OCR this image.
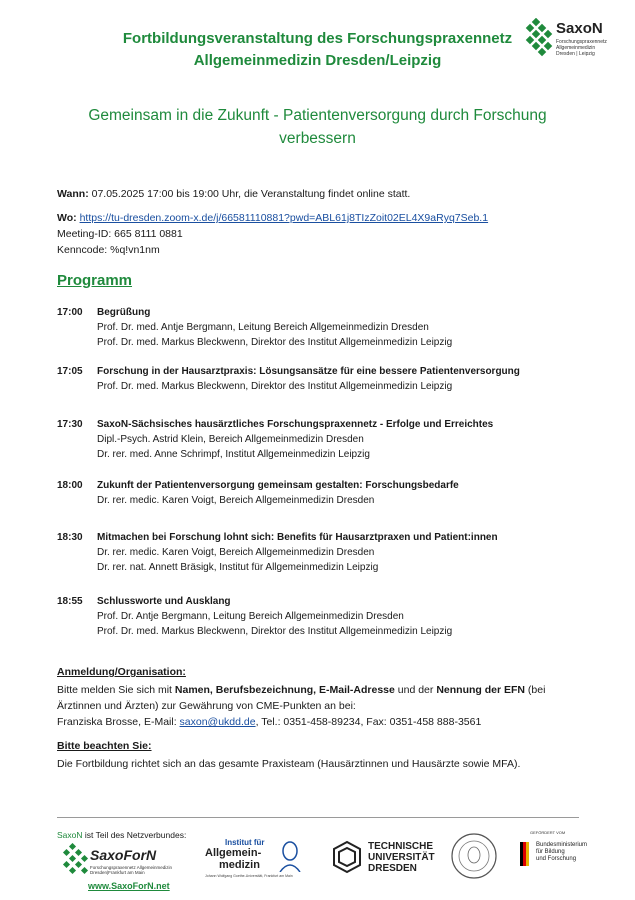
Fortbildungsveranstaltung des Forschungspraxennetz
Allgemeinmedizin Dresden/Leipzig
SaxoN
Forschungspraxennetz
Allgemeinmedizin
Dresden | Leipzig
Gemeinsam in die Zukunft - Patientenversorgung durch Forschung
verbessern
Wann: 07.05.2025 17:00 bis 19:00 Uhr, die Veranstaltung findet online statt.
Wo: https://tu-dresden.zoom-x.de/j/66581110881?pwd=ABL61j8TIzZoit02EL4X9aRyq7Seb.1
Meeting-ID: 665 8111 0881
Kenncode: %q!vn1nm
Programm
17:00 Begrüßung
Prof. Dr. med. Antje Bergmann, Leitung Bereich Allgemeinmedizin Dresden
Prof. Dr. med. Markus Bleckwenn, Direktor des Institut Allgemeinmedizin Leipzig
17:05 Forschung in der Hausarztpraxis: Lösungsansätze für eine bessere Patientenversorgung
Prof. Dr. med. Markus Bleckwenn, Direktor des Institut Allgemeinmedizin Leipzig
17:30 SaxoN-Sächsisches hausärztliches Forschungspraxennetz - Erfolge und Erreichtes
Dipl.-Psych. Astrid Klein, Bereich Allgemeinmedizin Dresden
Dr. rer. med. Anne Schrimpf, Institut Allgemeinmedizin Leipzig
18:00 Zukunft der Patientenversorgung gemeinsam gestalten: Forschungsbedarfe
Dr. rer. medic. Karen Voigt, Bereich Allgemeinmedizin Dresden
18:30 Mitmachen bei Forschung lohnt sich: Benefits für Hausarztpraxen und Patient:innen
Dr. rer. medic. Karen Voigt, Bereich Allgemeinmedizin Dresden
Dr. rer. nat. Annett Bräsigk, Institut für Allgemeinmedizin Leipzig
18:55 Schlussworte und Ausklang
Prof. Dr. Antje Bergmann, Leitung Bereich Allgemeinmedizin Dresden
Prof. Dr. med. Markus Bleckwenn, Direktor des Institut Allgemeinmedizin Leipzig
Anmeldung/Organisation:
Bitte melden Sie sich mit Namen, Berufsbezeichnung, E-Mail-Adresse und der Nennung der EFN (bei
Ärztinnen und Ärzten) zur Gewährung von CME-Punkten an bei:
Franziska Brosse, E-Mail: saxon@ukdd.de, Tel.: 0351-458-89234, Fax: 0351-458 888-3561
Bitte beachten Sie:
Die Fortbildung richtet sich an das gesamte Praxisteam (Hausärztinnen und Hausärzte sowie MFA).
SaxoN ist Teil des Netzverbundes:
SaxoForN
Forschungspraxennetz Allgemeinmedizin
Dresden|Frankfurt am Main
www.SaxoForN.net
Institut für
Allgemein-
medizin
Johann Wolfgang Goethe-Universität, Frankfurt am Main
TECHNISCHE
UNIVERSITÄT
DRESDEN
GEFÖRDERT VOM
Bundesministerium
für Bildung
und Forschung
